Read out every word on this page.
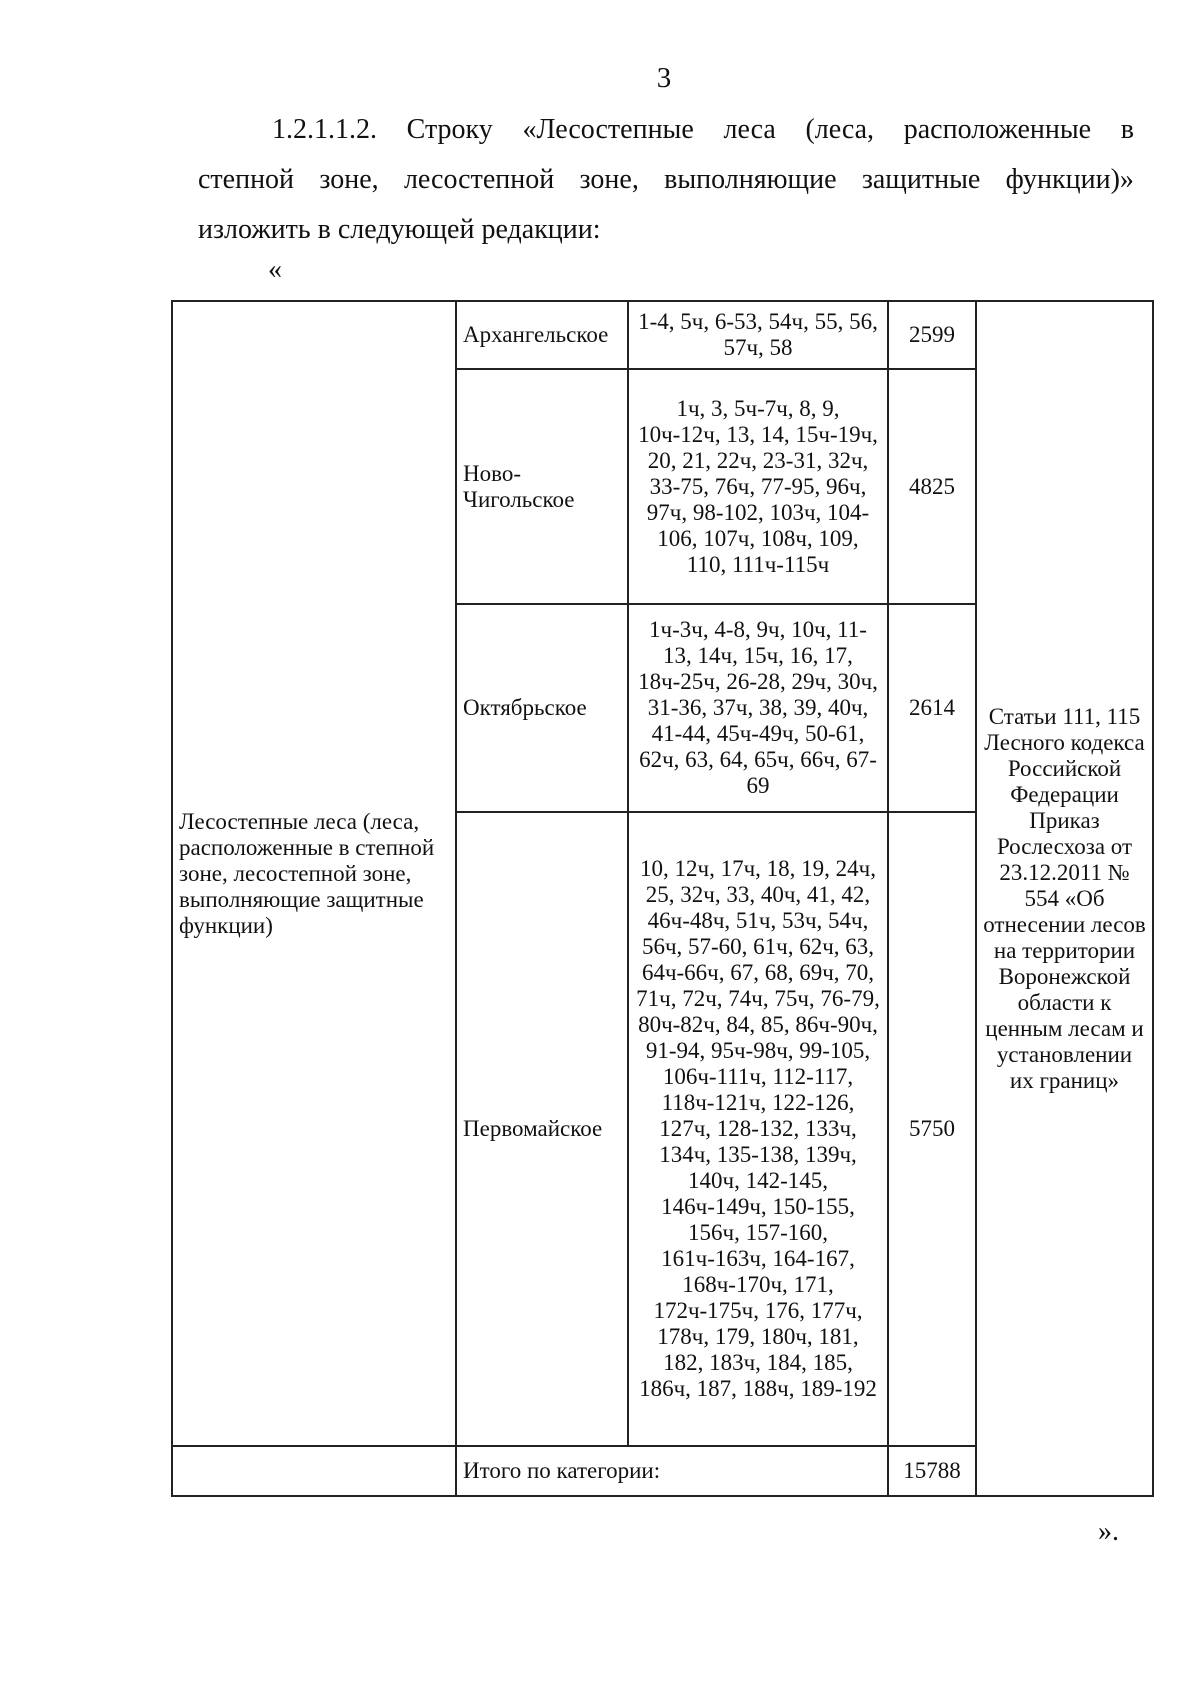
3
1.2.1.1.2. Строку «Лесостепные леса (леса, расположенные в
степной зоне, лесостепной зоне, выполняющие защитные функции)»
изложить в следующей редакции:
«
Лесостепные леса (леса, расположенные в степной зоне, лесостепной зоне, выполняющие защитные функции)	Архангельское	1-4, 5ч, 6-53, 54ч, 55, 56, 57ч, 58	2599	Статьи 111, 115 Лесного кодекса Российской Федерации Приказ Рослесхоза от 23.12.2011 № 554 «Об отнесении лесов на территории Воронежской области к ценным лесам и установлении их границ»
	Ново-Чигольское	1ч, 3, 5ч-7ч, 8, 9, 10ч-12ч, 13, 14, 15ч-19ч, 20, 21, 22ч, 23-31, 32ч, 33-75, 76ч, 77-95, 96ч, 97ч, 98-102, 103ч, 104-106, 107ч, 108ч, 109, 110, 111ч-115ч	4825	
	Октябрьское	1ч-3ч, 4-8, 9ч, 10ч, 11-13, 14ч, 15ч, 16, 17, 18ч-25ч, 26-28, 29ч, 30ч, 31-36, 37ч, 38, 39, 40ч, 41-44, 45ч-49ч, 50-61, 62ч, 63, 64, 65ч, 66ч, 67-69	2614	
	Первомайское	10, 12ч, 17ч, 18, 19, 24ч, 25, 32ч, 33, 40ч, 41, 42, 46ч-48ч, 51ч, 53ч, 54ч, 56ч, 57-60, 61ч, 62ч, 63, 64ч-66ч, 67, 68, 69ч, 70, 71ч, 72ч, 74ч, 75ч, 76-79, 80ч-82ч, 84, 85, 86ч-90ч, 91-94, 95ч-98ч, 99-105, 106ч-111ч, 112-117, 118ч-121ч, 122-126, 127ч, 128-132, 133ч, 134ч, 135-138, 139ч, 140ч, 142-145, 146ч-149ч, 150-155, 156ч, 157-160, 161ч-163ч, 164-167, 168ч-170ч, 171, 172ч-175ч, 176, 177ч, 178ч, 179, 180ч, 181, 182, 183ч, 184, 185, 186ч, 187, 188ч, 189-192	5750	
	Итого по категории:		15788	
».
